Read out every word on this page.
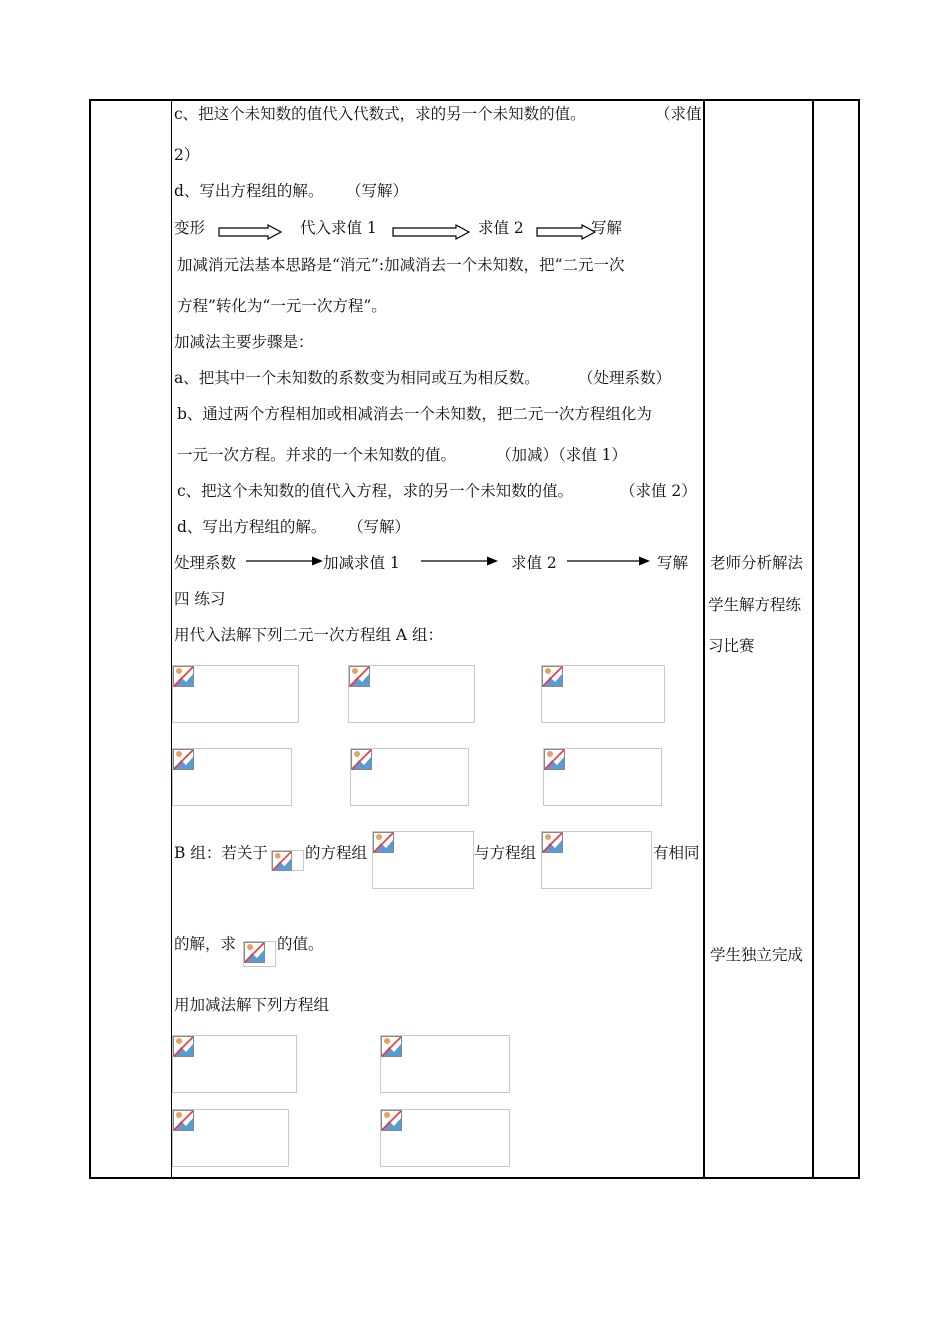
c、把这个未知数的值代入代数式，求的另一个未知数的值。	（求值
2）
d、写出方程组的解。 （写解）
变形	代入求值 1	求值 2	写解
加减消元法基本思路是“消元”:加减消去一个未知数，把“二元一次
方程”转化为“一元一次方程”。
加减法主要步骤是：
a、把其中一个未知数的系数变为相同或互为相反数。 （处理系数）
b、通过两个方程相加或相减消去一个未知数，把二元一次方程组化为
一元一次方程。并求的一个未知数的值。	（加减）（求值 1）
c、把这个未知数的值代入方程，求的另一个未知数的值。	（求值 2）
d、写出方程组的解。 （写解）
处理系数	加减求值 1	求值 2	写解
四 练习
用代入法解下列二元一次方程组 A 组：
B 组：若关于 的方程组	与方程组	有相同
的解，求	的值。
用加减法解下列方程组
老师分析解法
学生解方程练
习比赛
学生独立完成
